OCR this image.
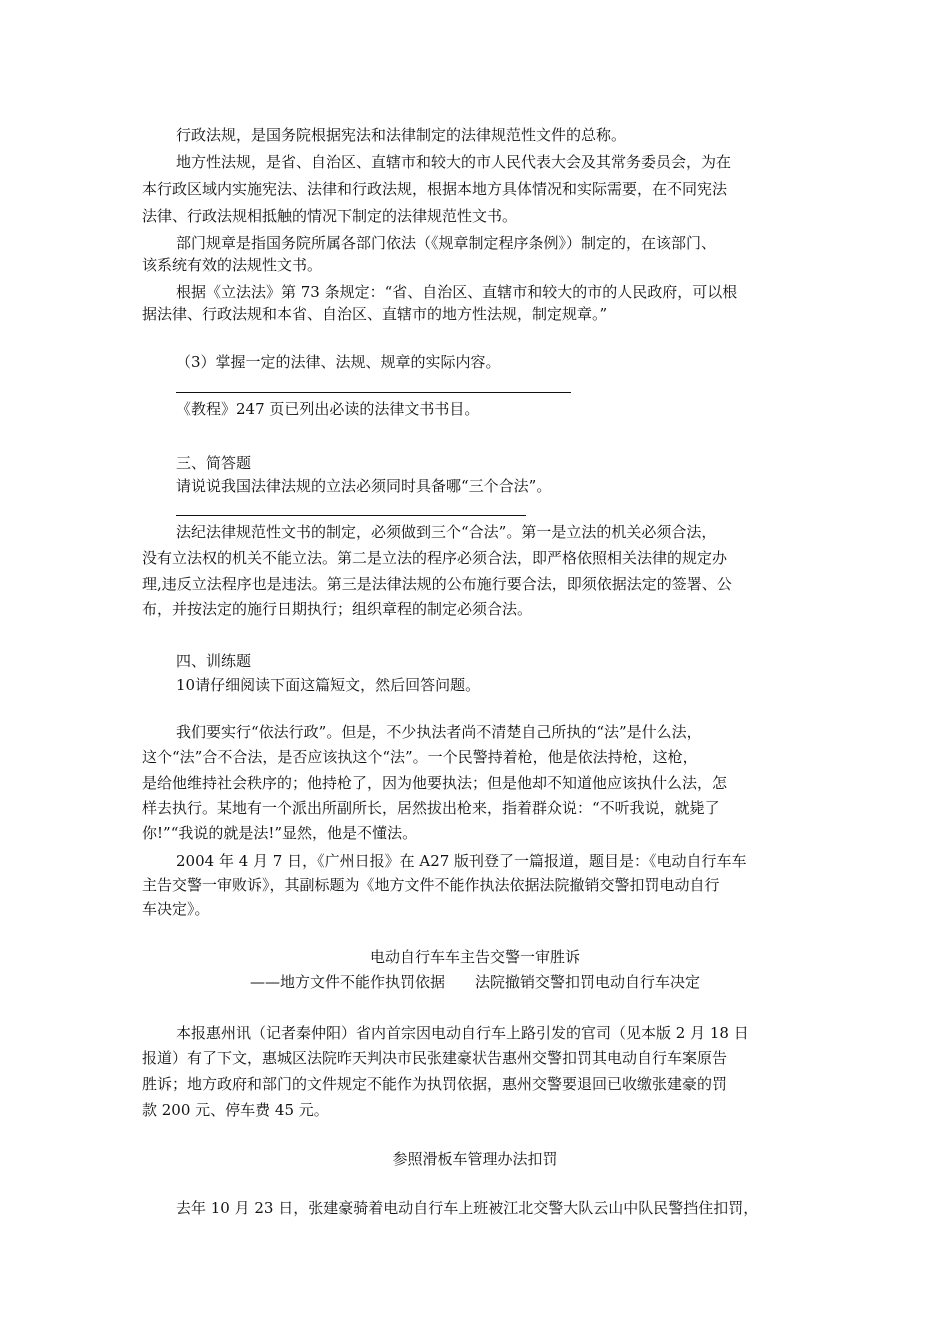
行政法规，是国务院根据宪法和法律制定的法律规范性文件的总称。
地方性法规，是省、自治区、直辖市和较大的市人民代表大会及其常务委员会，为在
本行政区域内实施宪法、法律和行政法规，根据本地方具体情况和实际需要，在不同宪法
法律、行政法规相抵触的情况下制定的法律规范性文书。
部门规章是指国务院所属各部门依法（《规章制定程序条例》）制定的，在该部门、
该系统有效的法规性文书。
根据《立法法》第 73 条规定：“省、自治区、直辖市和较大的市的人民政府，可以根
据法律、行政法规和本省、自治区、直辖市的地方性法规，制定规章。”
（3）掌握一定的法律、法规、规章的实际内容。
《教程》247 页已列出必读的法律文书书目。
三、简答题
请说说我国法律法规的立法必须同时具备哪“三个合法”。
法纪法律规范性文书的制定，必须做到三个“合法”。第一是立法的机关必须合法，
没有立法权的机关不能立法。第二是立法的程序必须合法，即严格依照相关法律的规定办
理,违反立法程序也是违法。第三是法律法规的公布施行要合法，即须依据法定的签署、公
布，并按法定的施行日期执行；组织章程的制定必须合法。
四、训练题
10请仔细阅读下面这篇短文，然后回答问题。
我们要实行“依法行政”。但是，不少执法者尚不清楚自己所执的“法”是什么法，
这个“法”合不合法，是否应该执这个“法”。一个民警持着枪，他是依法持枪，这枪，
是给他维持社会秩序的；他持枪了，因为他要执法；但是他却不知道他应该执什么法，怎
样去执行。某地有一个派出所副所长，居然拔出枪来，指着群众说：“不听我说，就毙了
你!”“我说的就是法!”显然，他是不懂法。
2004 年 4 月 7 日，《广州日报》在 A27 版刊登了一篇报道，题目是：《电动自行车车
主告交警一审败诉》，其副标题为《地方文件不能作执法依据法院撤销交警扣罚电动自行
车决定》。
电动自行车车主告交警一审胜诉
——地方文件不能作执罚依据　　法院撤销交警扣罚电动自行车决定
本报惠州讯（记者秦仲阳）省内首宗因电动自行车上路引发的官司（见本版 2 月 18 日
报道）有了下文，惠城区法院昨天判决市民张建豪状告惠州交警扣罚其电动自行车案原告
胜诉；地方政府和部门的文件规定不能作为执罚依据，惠州交警要退回已收缴张建豪的罚
款 200 元、停车费 45 元。
参照滑板车管理办法扣罚
去年 10 月 23 日，张建豪骑着电动自行车上班被江北交警大队云山中队民警挡住扣罚，
